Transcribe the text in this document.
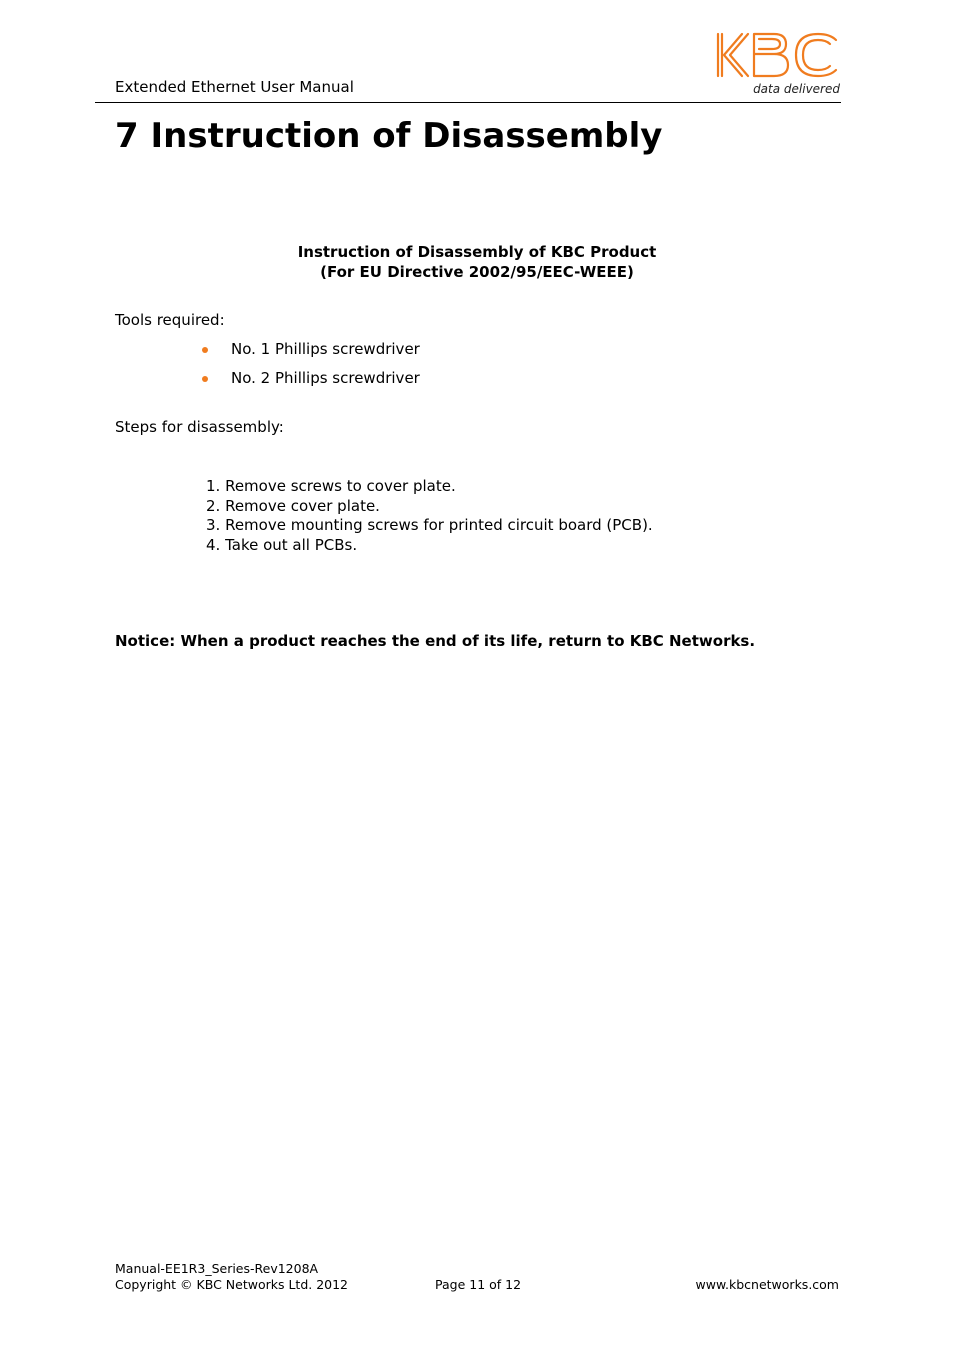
Extended Ethernet User Manual	data delivered
7 Instruction of Disassembly
Instruction of Disassembly of KBC Product
(For EU Directive 2002/95/EEC-WEEE)
Tools required:
No. 1 Phillips screwdriver
No. 2 Phillips screwdriver
Steps for disassembly:
1. Remove screws to cover plate.
2. Remove cover plate.
3. Remove mounting screws for printed circuit board (PCB).
4. Take out all PCBs.
Notice: When a product reaches the end of its life, return to KBC Networks.
Manual-EE1R3_Series-Rev1208A
Copyright © KBC Networks Ltd. 2012	Page 11 of 12	www.kbcnetworks.com
